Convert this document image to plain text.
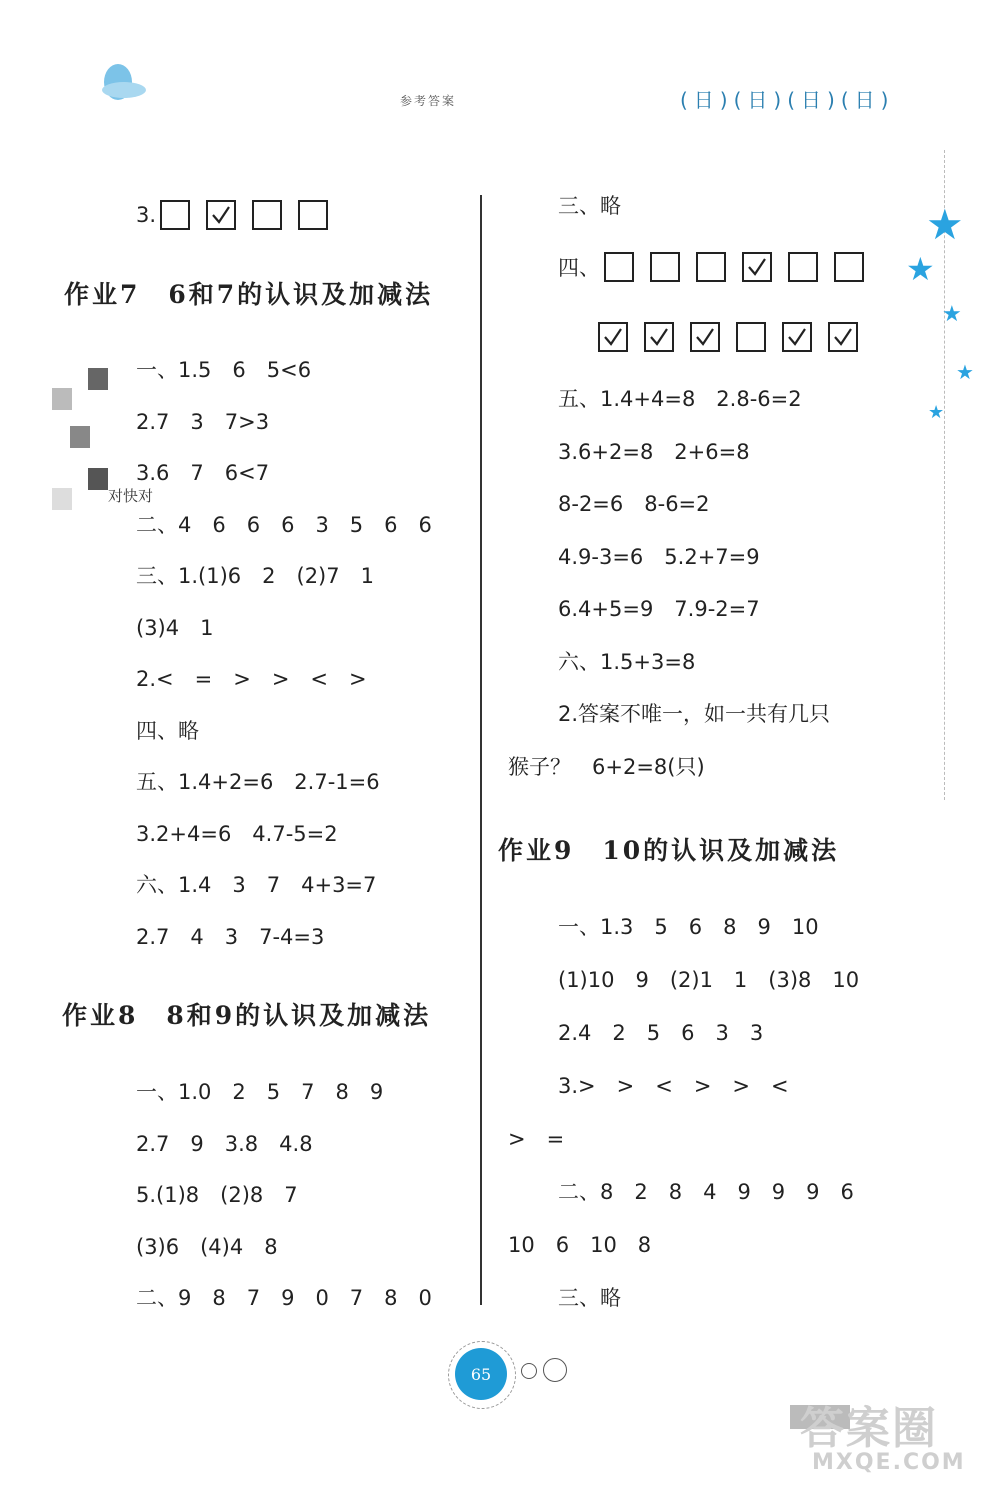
参考答案	(日)(日)(日)(日)
★
★
★
★
★
3.
作业7　6和7的认识及加减法
一、1.5　6　5<6
2.7　3　7>3
3.6　7　6<7
二、4　6　6　6　3　5　6　6
三、1.(1)6　2　(2)7　1
(3)4　1
2.<　=　>　>　<　>
四、略
五、1.4+2=6　2.7-1=6
3.2+4=6　4.7-5=2
六、1.4　3　7　4+3=7
2.7　4　3　7-4=3
对快对
作业8　8和9的认识及加减法
一、1.0　2　5　7　8　9
2.7　9　3.8　4.8
5.(1)8　(2)8　7
(3)6　(4)4　8
二、9　8　7　9　0　7　8　0
三、略
四、
五、1.4+4=8　2.8-6=2
3.6+2=8　2+6=8
8-2=6　8-6=2
4.9-3=6　5.2+7=9
6.4+5=9　7.9-2=7
六、1.5+3=8
2.答案不唯一，如一共有几只
猴子？　6+2=8(只)
作业9　10的认识及加减法
一、1.3　5　6　8　9　10
(1)10　9　(2)1　1　(3)8　10
2.4　2　5　6　3　3
3.>　>　<　>　>　<
>　=
二、8　2　8　4　9　9　9　6
10　6　10　8
三、略
65
答案圈
MXQE.COM
